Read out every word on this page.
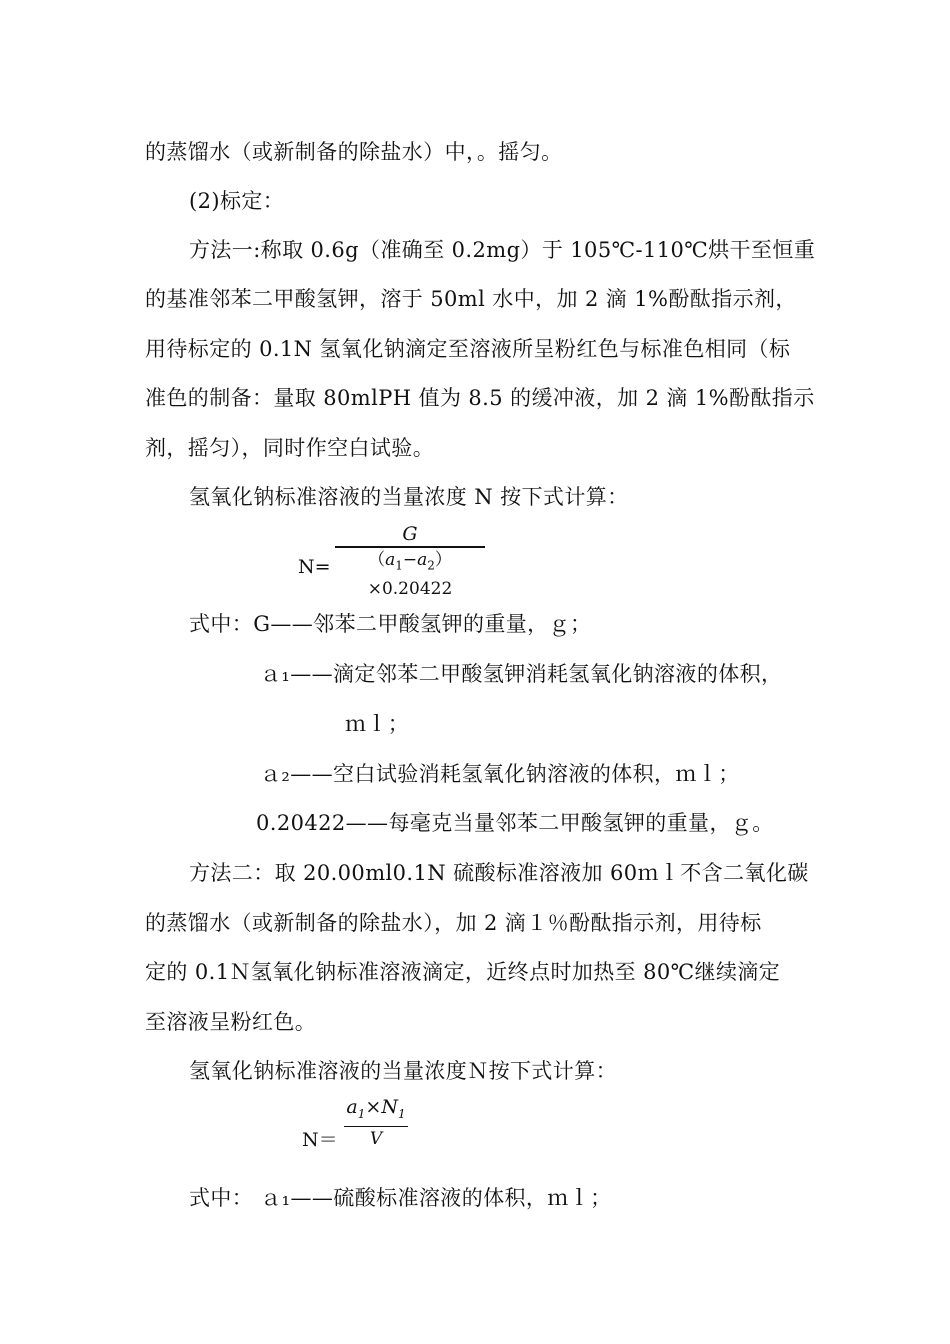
的蒸馏水（或新制备的除盐水）中，。摇匀。
(2)标定：
方法一:称取 0.6g（准确至 0.2mg）于 105℃-110℃烘干至恒重
的基准邻苯二甲酸氢钾，溶于 50ml 水中，加 2 滴 1%酚酞指示剂，
用待标定的 0.1N 氢氧化钠滴定至溶液所呈粉红色与标准色相同（标
准色的制备：量取 80mlPH 值为 8.5 的缓冲液，加 2 滴 1%酚酞指示
剂，摇匀），同时作空白试验。
氢氧化钠标准溶液的当量浓度 N 按下式计算：
N=
G
$(a_1-a_2)\times 0.20422$
式中：G——邻苯二甲酸氢钾的重量，ｇ；
ａ₁——滴定邻苯二甲酸氢钾消耗氢氧化钠溶液的体积，
ｍｌ；
ａ₂——空白试验消耗氢氧化钠溶液的体积，ｍｌ；
0.20422——每毫克当量邻苯二甲酸氢钾的重量，ｇ。
方法二：取 20.00ml0.1N 硫酸标准溶液加 60ｍｌ不含二氧化碳
的蒸馏水（或新制备的除盐水），加 2 滴１％酚酞指示剂，用待标
定的 0.1Ｎ氢氧化钠标准溶液滴定，近终点时加热至 80℃继续滴定
至溶液呈粉红色。
氢氧化钠标准溶液的当量浓度Ｎ按下式计算：
N＝
$a_1\times N_1$
V
式中： ａ₁——硫酸标准溶液的体积，ｍｌ；
